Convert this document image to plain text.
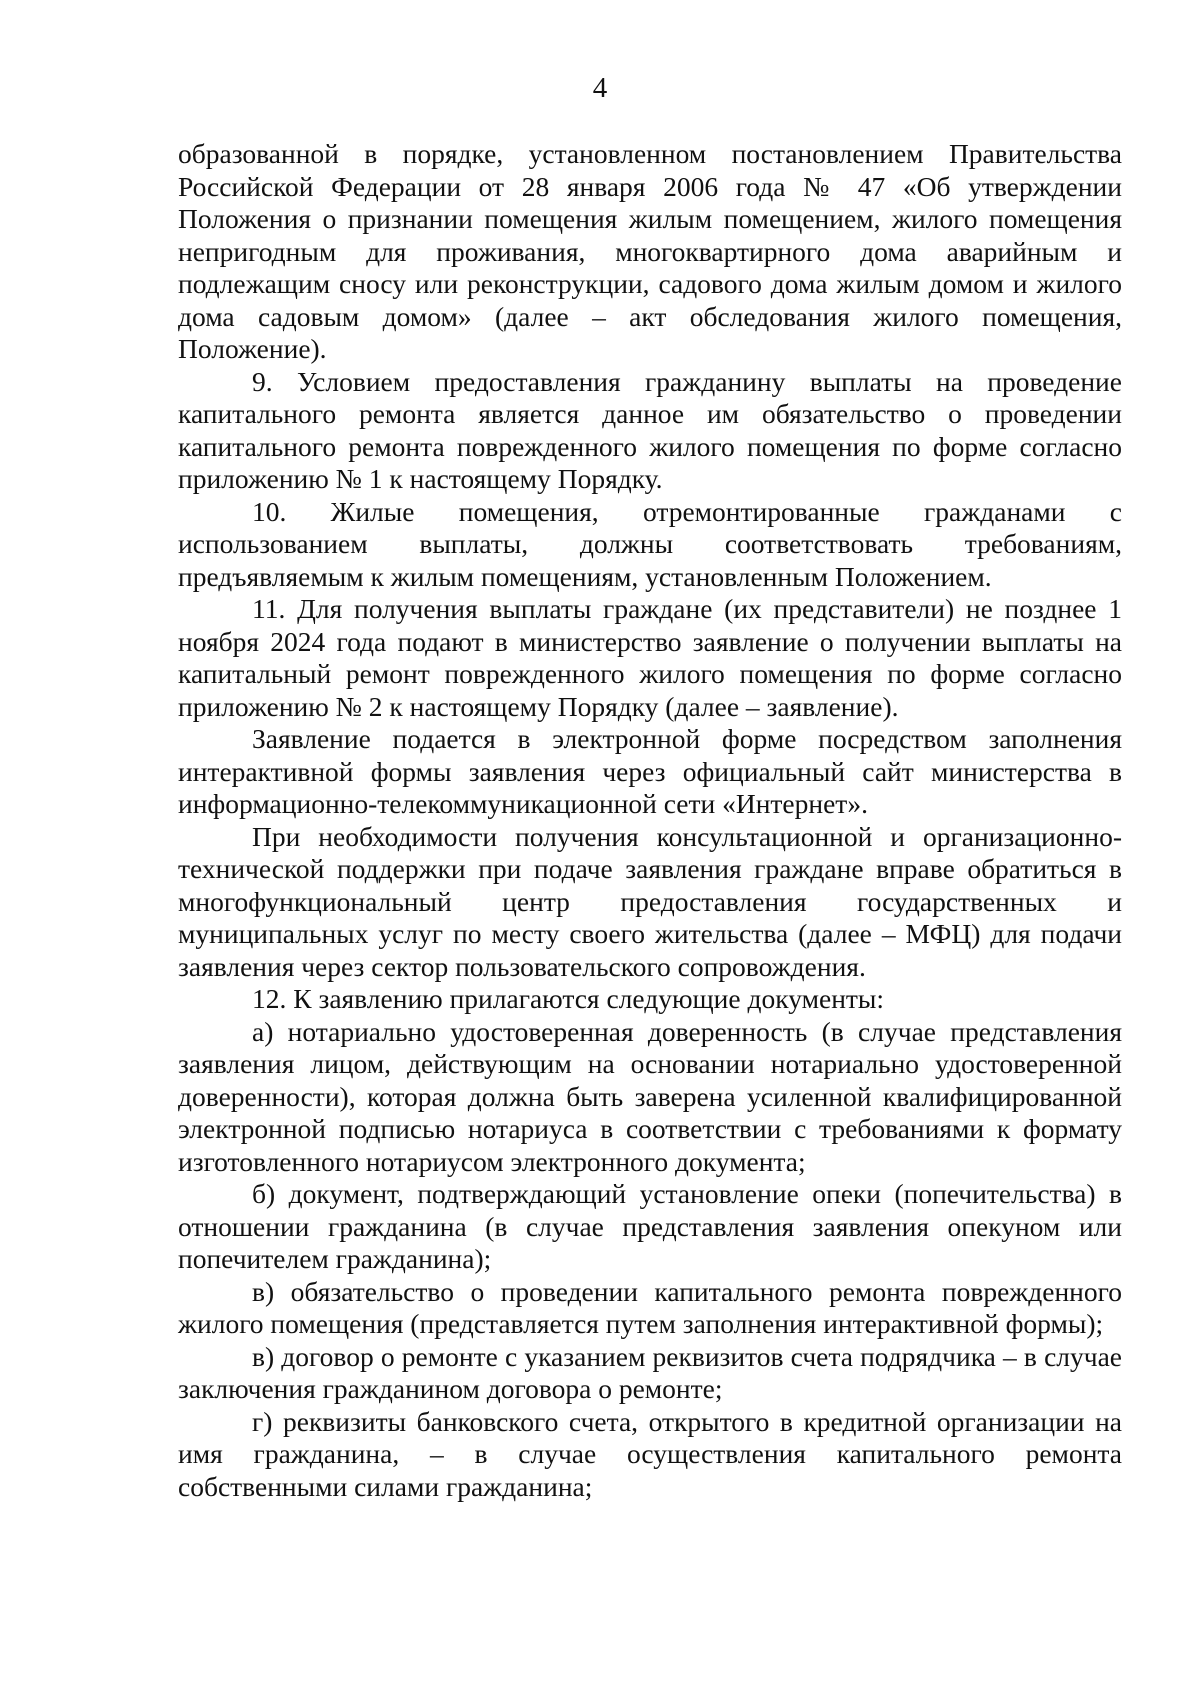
4

образованной в порядке, установленном постановлением Правительства Российской Федерации от 28 января 2006 года № 47 «Об утверждении Положения о признании помещения жилым помещением, жилого помещения непригодным для проживания, многоквартирного дома аварийным и подлежащим сносу или реконструкции, садового дома жилым домом и жилого дома садовым домом» (далее – акт обследования жилого помещения, Положение).

9. Условием предоставления гражданину выплаты на проведение капитального ремонта является данное им обязательство о проведении капитального ремонта поврежденного жилого помещения по форме согласно приложению № 1 к настоящему Порядку.

10. Жилые помещения, отремонтированные гражданами с использованием выплаты, должны соответствовать требованиям, предъявляемым к жилым помещениям, установленным Положением.

11. Для получения выплаты граждане (их представители) не позднее 1 ноября 2024 года подают в министерство заявление о получении выплаты на капитальный ремонт поврежденного жилого помещения по форме согласно приложению № 2 к настоящему Порядку (далее – заявление).

Заявление подается в электронной форме посредством заполнения интерактивной формы заявления через официальный сайт министерства в информационно-телекоммуникационной сети «Интернет».

При необходимости получения консультационной и организационно-технической поддержки при подаче заявления граждане вправе обратиться в многофункциональный центр предоставления государственных и муниципальных услуг по месту своего жительства (далее – МФЦ) для подачи заявления через сектор пользовательского сопровождения.

12. К заявлению прилагаются следующие документы:

а) нотариально удостоверенная доверенность (в случае представления заявления лицом, действующим на основании нотариально удостоверенной доверенности), которая должна быть заверена усиленной квалифицированной электронной подписью нотариуса в соответствии с требованиями к формату изготовленного нотариусом электронного документа;

б) документ, подтверждающий установление опеки (попечительства) в отношении гражданина (в случае представления заявления опекуном или попечителем гражданина);

в) обязательство о проведении капитального ремонта поврежденного жилого помещения (представляется путем заполнения интерактивной формы);

в) договор о ремонте с указанием реквизитов счета подрядчика – в случае заключения гражданином договора о ремонте;

г) реквизиты банковского счета, открытого в кредитной организации на имя гражданина, – в случае осуществления капитального ремонта собственными силами гражданина;
